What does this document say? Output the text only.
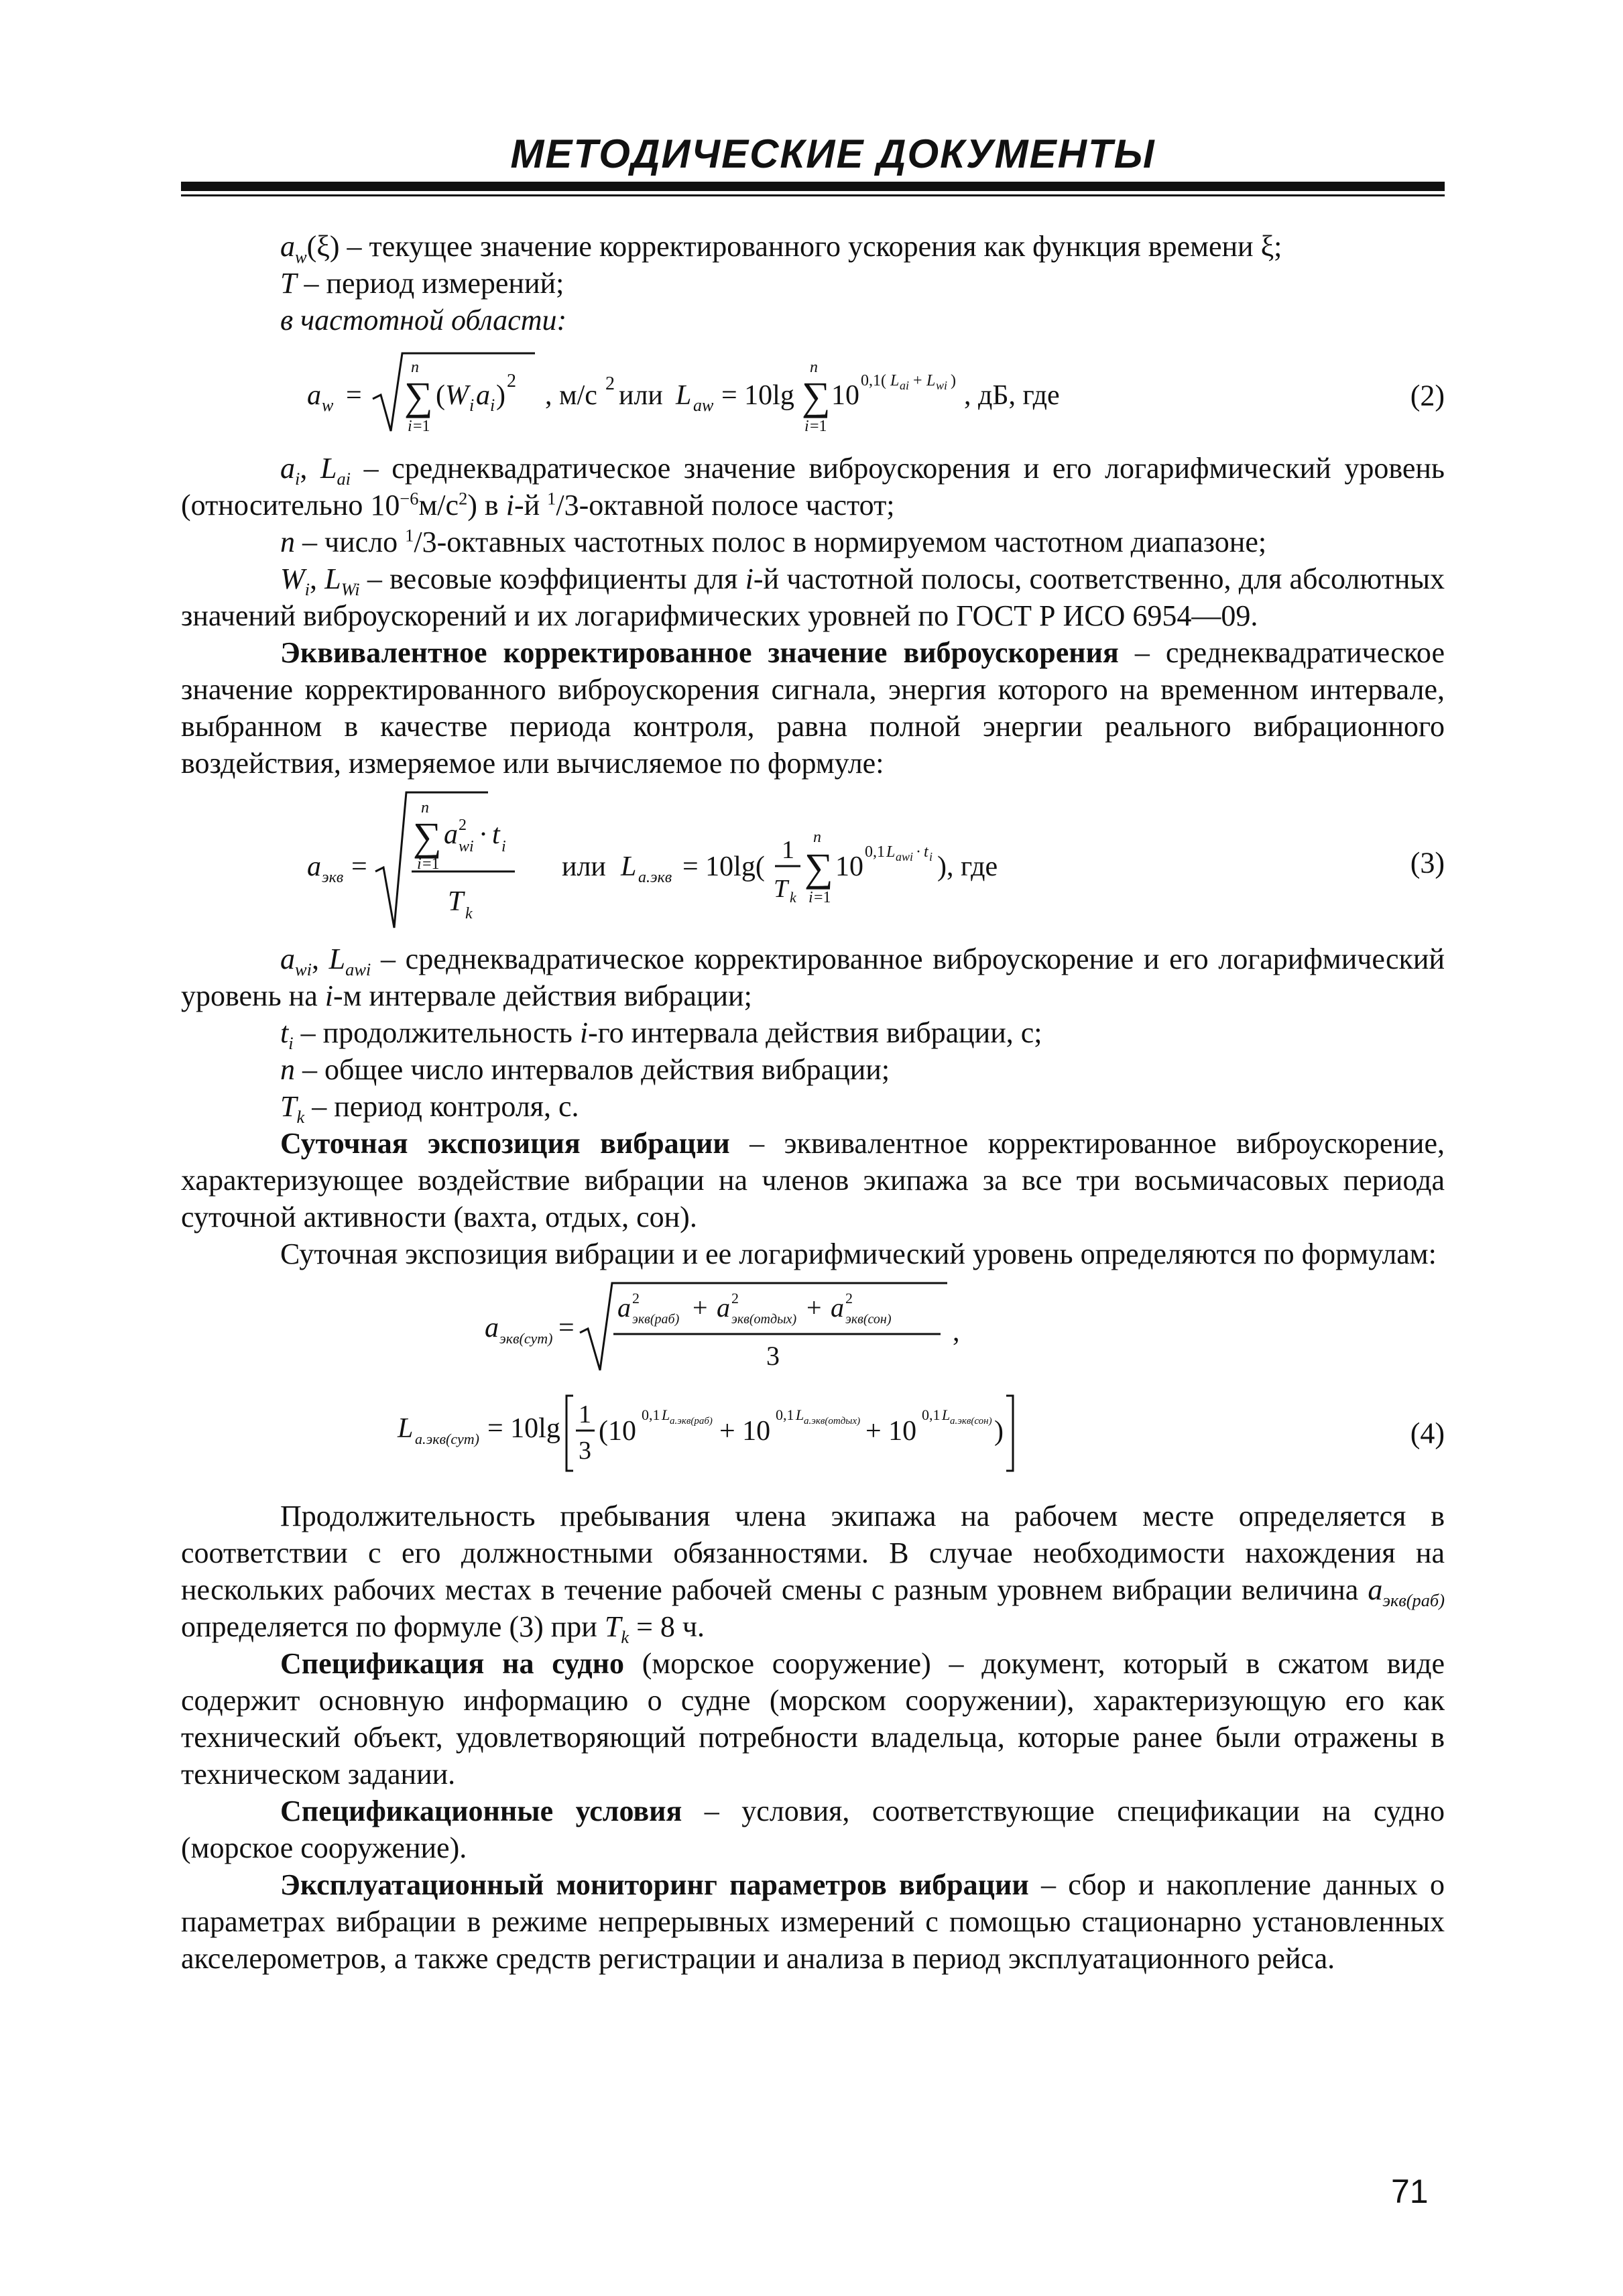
МЕТОДИЧЕСКИЕ ДОКУМЕНТЫ

$a_w(\xi)$ – текущее значение корректированного ускорения как функция времени ξ;

T – период измерений;

в частотной области:

a w =
n
∑
i =1
( W i a i ) 2 , м/с 2 или L aw = 10lg
n
∑
i =1
10 0,1( L ai + L wi ) , дБ, где	(2)

$a_i$, $L_{ai}$ – среднеквадратическое значение виброускорения и его логарифмический уровень (относительно $10^{-6}м/с^2$) в i-й $^1$/3-октавной полосе частот;

n – число $^1$/3-октавных частотных полос в нормируемом частотном диапазоне;

$W_i$, $L_{Wi}$ – весовые коэффициенты для i-й частотной полосы, соответственно, для абсолютных значений виброускорений и их логарифмических уровней по ГОСТ Р ИСО 6954—09.

Эквивалентное корректированное значение виброускорения – среднеквадратическое значение корректированного виброускорения сигнала, энергия которого на временном интервале, выбранном в качестве периода контроля, равна полной энергии реального вибрационного воздействия, измеряемое или вычисляемое по формуле:

a экв =
n
∑
i =1
a 2
wi · t i
T k
или L а.экв = 10lg(
1
T k
n
∑
i =1
10 0,1 L awi · t i ), где	(3)

$a_{wi}$, $L_{awi}$ – среднеквадратическое корректированное виброускорение и его логарифмический уровень на i-м интервале действия вибрации;

$t_i$ – продолжительность i-го интервала действия вибрации, с;

n – общее число интервалов действия вибрации;

$T_k$ – период контроля, с.

Суточная экспозиция вибрации – эквивалентное корректированное виброускорение, характеризующее воздействие вибрации на членов экипажа за все три восьмичасовых периода суточной активности (вахта, отдых, сон).

Суточная экспозиция вибрации и ее логарифмический уровень определяются по формулам:

a экв(сут) =
a 2
экв(раб) + a 2
экв(отдых) + a 2
экв(сон)
3
,
L а.экв(сут) = 10lg 1
3
(10
0,1 L а.экв(раб) + 10
0,1 L а.экв(отдых) + 10
0,1 L а.экв(сон) )	(4)

Продолжительность пребывания члена экипажа на рабочем месте определяется в соответствии с его должностными обязанностями. В случае необходимости нахождения на нескольких рабочих местах в течение рабочей смены с разным уровнем вибрации величина $a_{экв(раб)}$ определяется по формуле (3) при $T_k = 8$ ч.

Спецификация на судно (морское сооружение) – документ, который в сжатом виде содержит основную информацию о судне (морском сооружении), характеризующую его как технический объект, удовлетворяющий потребности владельца, которые ранее были отражены в техническом задании.

Спецификационные условия – условия, соответствующие спецификации на судно (морское сооружение).

Эксплуатационный мониторинг параметров вибрации – сбор и накопление данных о параметрах вибрации в режиме непрерывных измерений с помощью стационарно установленных акселерометров, а также средств регистрации и анализа в период эксплуатационного рейса.

71
